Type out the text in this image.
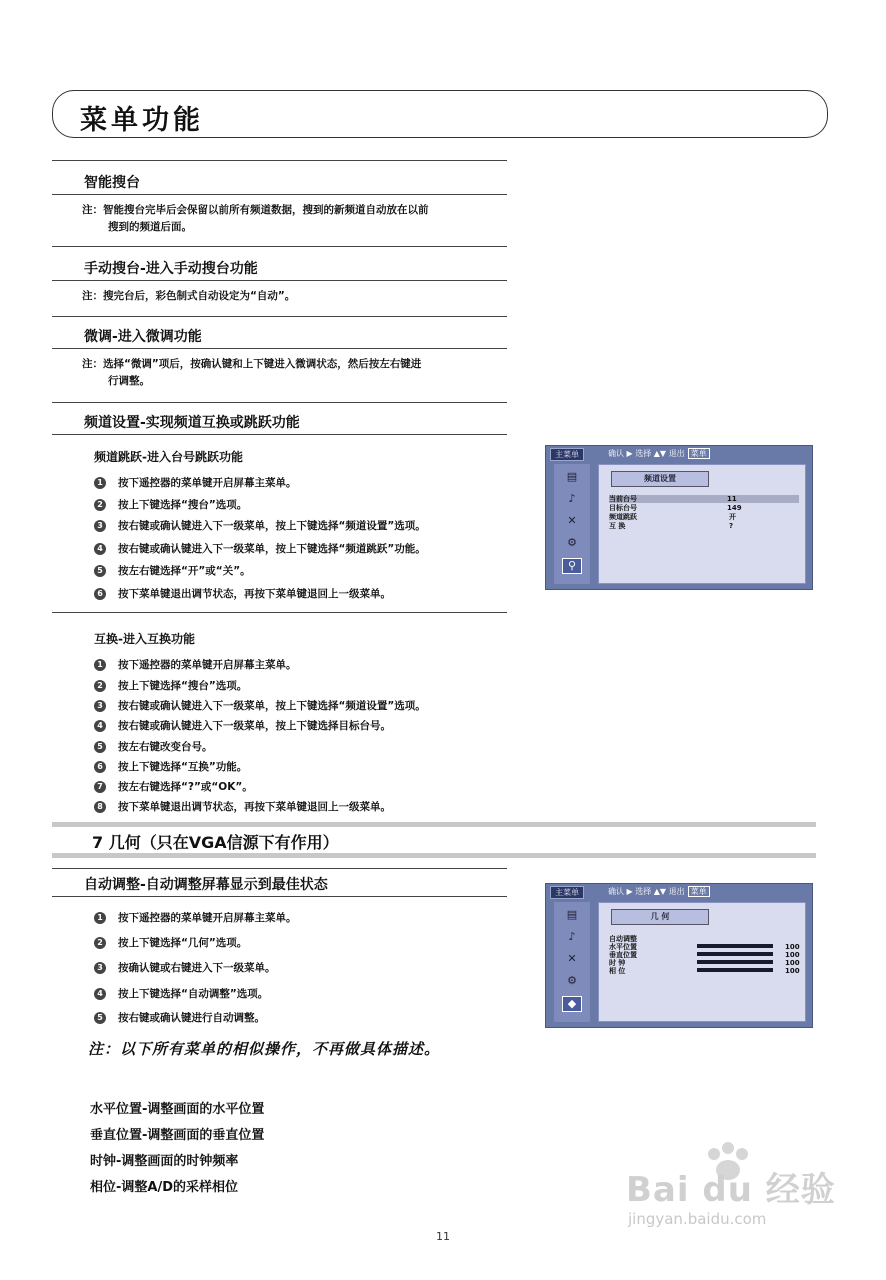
菜单功能
智能搜台
注：智能搜台完毕后会保留以前所有频道数据，搜到的新频道自动放在以前
搜到的频道后面。
手动搜台-进入手动搜台功能
注：搜完台后，彩色制式自动设定为“自动”。
微调-进入微调功能
注：选择“微调”项后，按确认键和上下键进入微调状态，然后按左右键进
行调整。
频道设置-实现频道互换或跳跃功能
频道跳跃-进入台号跳跃功能
1 按下遥控器的菜单键开启屏幕主菜单。
2 按上下键选择“搜台”选项。
3 按右键或确认键进入下一级菜单，按上下键选择“频道设置”选项。
4 按右键或确认键进入下一级菜单，按上下键选择“频道跳跃”功能。
5 按左右键选择“开”或“关”。
6 按下菜单键退出调节状态，再按下菜单键退回上一级菜单。
互换-进入互换功能
1 按下遥控器的菜单键开启屏幕主菜单。
2 按上下键选择“搜台”选项。
3 按右键或确认键进入下一级菜单，按上下键选择“频道设置”选项。
4 按右键或确认键进入下一级菜单，按上下键选择目标台号。
5 按左右键改变台号。
6 按上下键选择“互换”功能。
7 按左右键选择“?”或“OK”。
8 按下菜单键退出调节状态，再按下菜单键退回上一级菜单。
7 几何（只在VGA信源下有作用）
自动调整-自动调整屏幕显示到最佳状态
1 按下遥控器的菜单键开启屏幕主菜单。
2 按上下键选择“几何”选项。
3 按确认键或右键进入下一级菜单。
4 按上下键选择“自动调整”选项。
5 按右键或确认键进行自动调整。
注：以下所有菜单的相似操作，不再做具体描述。
水平位置-调整画面的水平位置
垂直位置-调整画面的垂直位置
时钟-调整画面的时钟频率
相位-调整A/D的采样相位
主菜单	确认 ▶ 选择 ▲▼ 退出 菜单
▤
♪
✕
⚙
⚲
频道设置
当前台号	11
目标台号	149
频道跳跃	开
互 换	?
主菜单	确认 ▶ 选择 ▲▼ 退出 菜单
▤
♪
✕
⚙
◆
几 何
自动调整
水平位置	100
垂直位置	100
时 钟	100
相 位	100
Bai du 经验
jingyan.baidu.com
11
